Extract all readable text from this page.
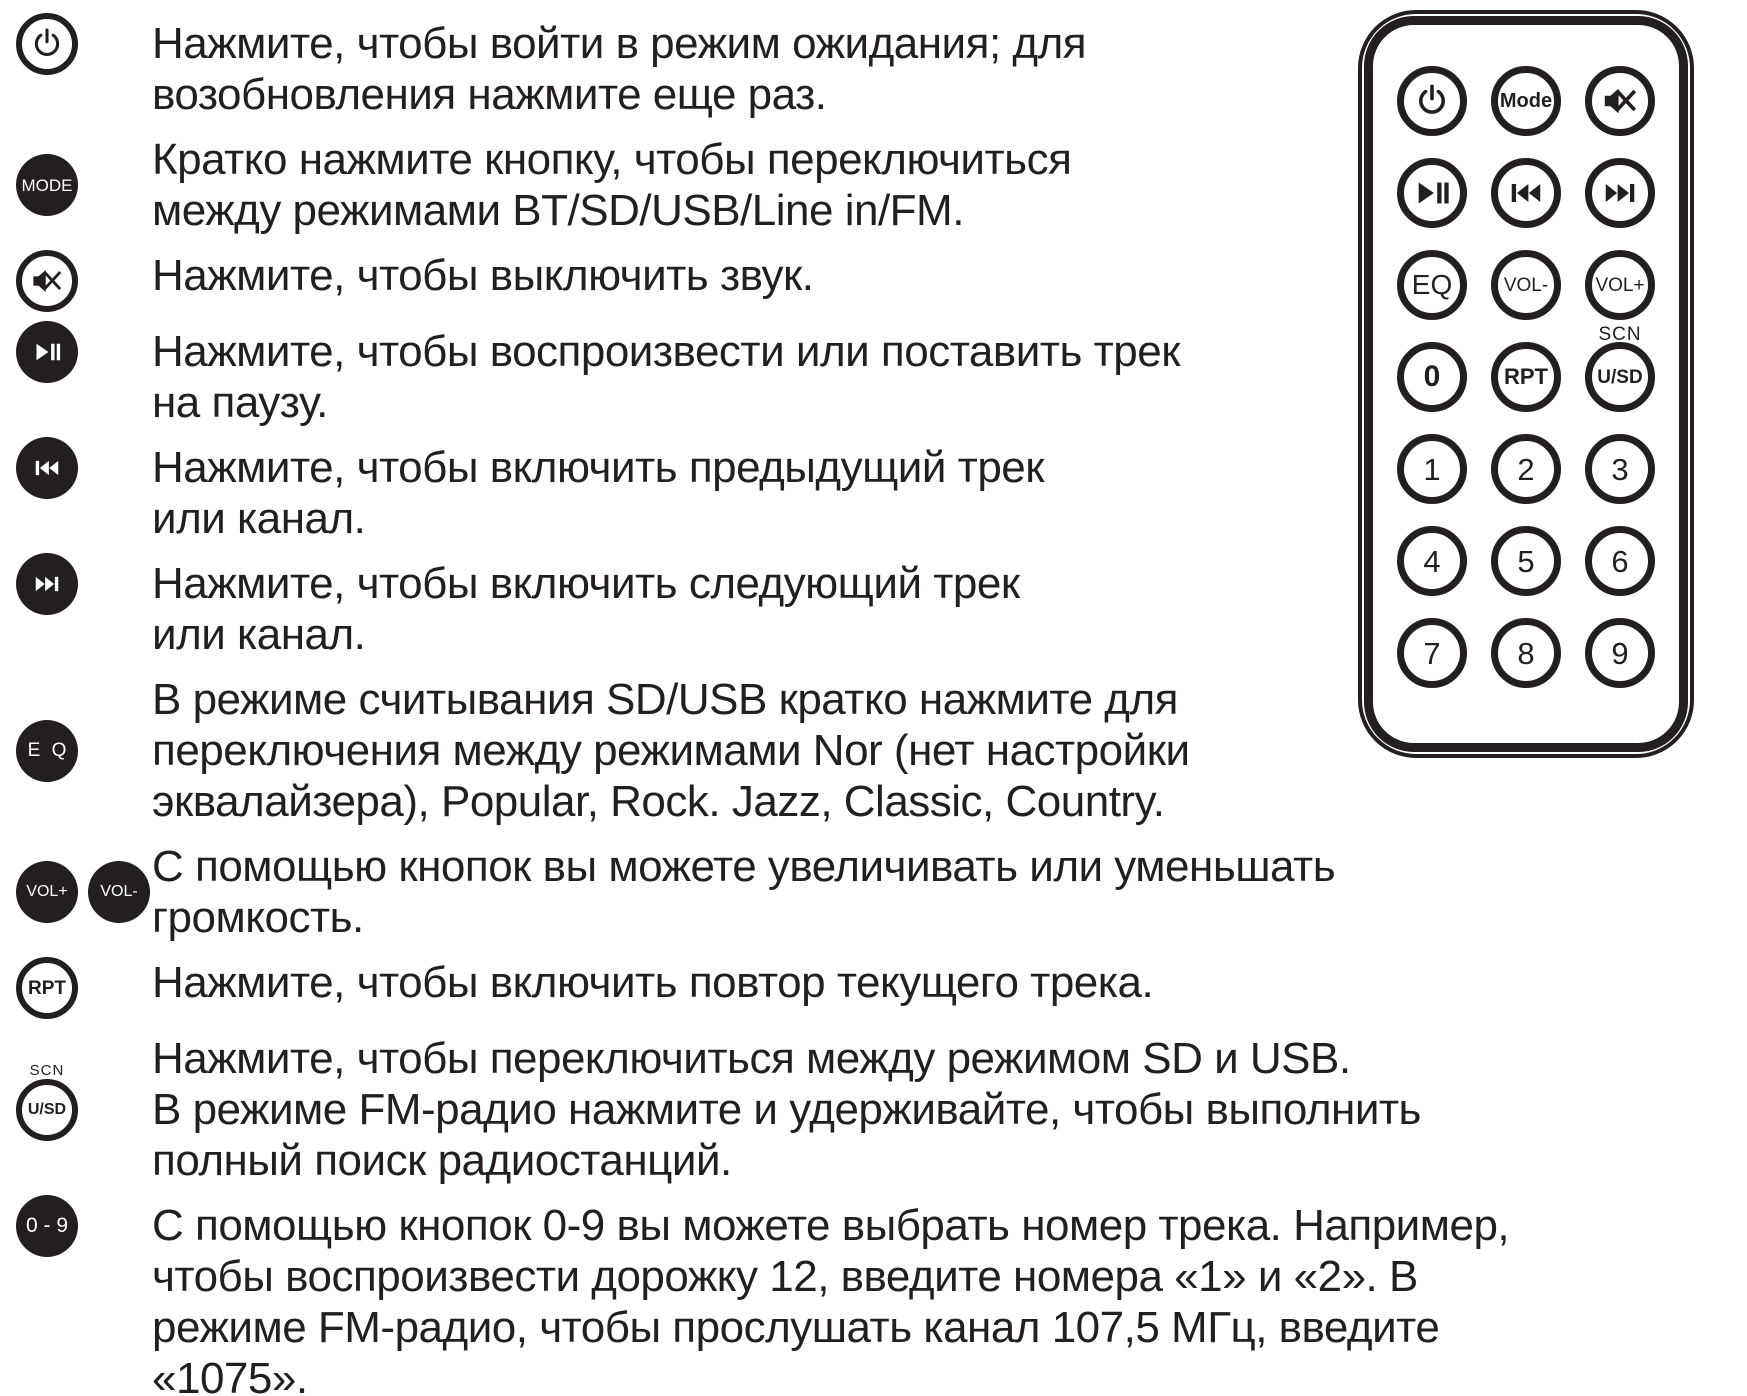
Нажмите, чтобы войти в режим ожидания; для
возобновления нажмите еще раз.
MODE
Кратко нажмите кнопку, чтобы переключиться
между режимами BT/SD/USB/Line in/FM.
Нажмите, чтобы выключить звук.
Нажмите, чтобы воспроизвести или поставить трек
на паузу.
Нажмите, чтобы включить предыдущий трек
или канал.
Нажмите, чтобы включить следующий трек
или канал.
E Q
В режиме считывания SD/USB кратко нажмите для
переключения между режимами Nor (нет настройки
эквалайзера), Popular, Rock. Jazz, Classic, Country.
VOL+ VOL-
С помощью кнопок вы можете увеличивать или уменьшать
громкость.
RPT Нажмите, чтобы включить повтор текущего трека.
SCN
U/SD
Нажмите, чтобы переключиться между режимом SD и USB.
В режиме FM-радио нажмите и удерживайте, чтобы выполнить
полный поиск радиостанций.
0 - 9 С помощью кнопок 0-9 вы можете выбрать номер трека. Например,
чтобы воспроизвести дорожку 12, введите номера «1» и «2». В
режиме FM-радио, чтобы прослушать канал 107,5 МГц, введите
«1075».
Mode
EQ	VOL- VOL+
0	RPT
SCN
U/SD
1 2 3
4 5 6
7 8 9
